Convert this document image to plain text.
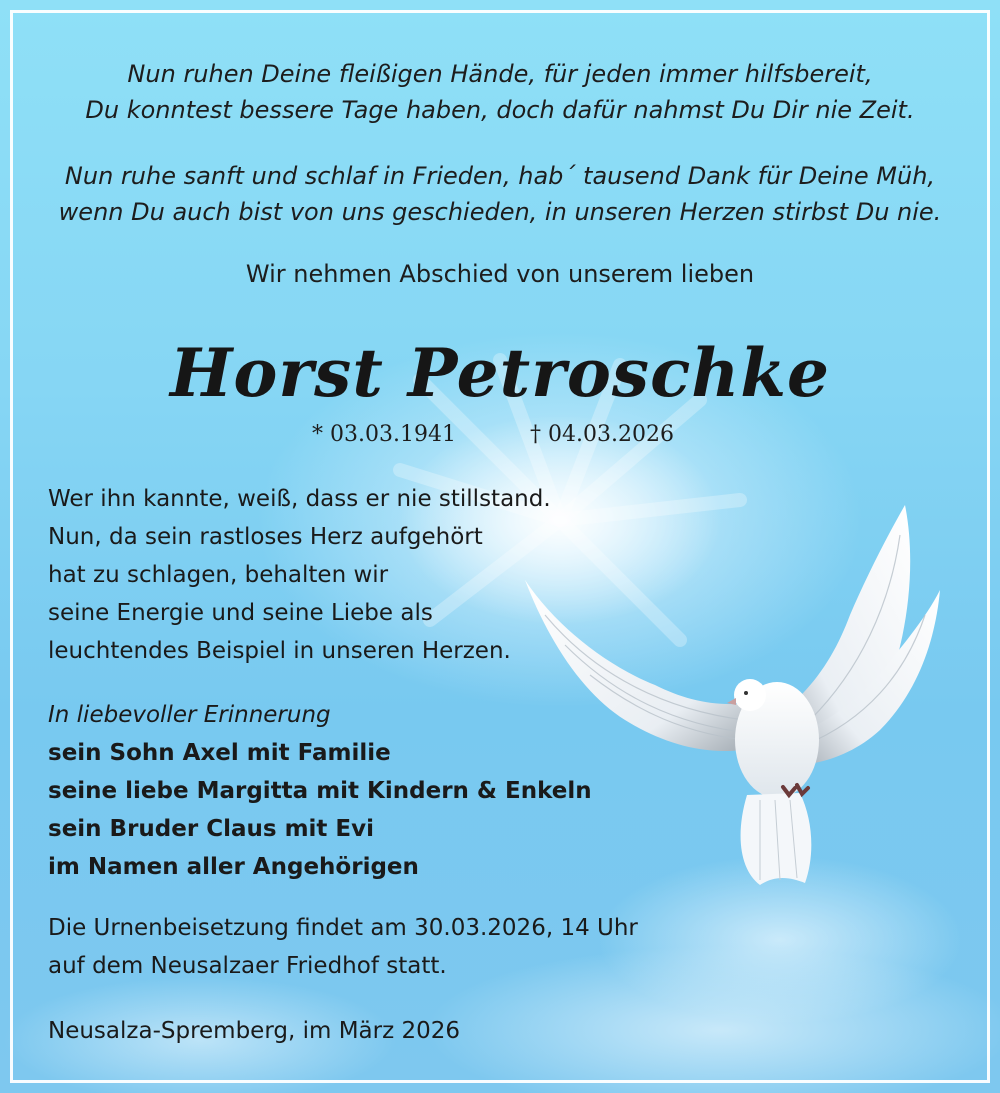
Nun ruhen Deine fleißigen Hände, für jeden immer hilfsbereit,
Du konntest bessere Tage haben, doch dafür nahmst Du Dir nie Zeit.
Nun ruhe sanft und schlaf in Frieden, hab´ tausend Dank für Deine Müh,
wenn Du auch bist von uns geschieden, in unseren Herzen stirbst Du nie.
Wir nehmen Abschied von unserem lieben
Horst Petroschke
* 03.03.1941	† 04.03.2026
Wer ihn kannte, weiß, dass er nie stillstand.
Nun, da sein rastloses Herz aufgehört
hat zu schlagen, behalten wir
seine Energie und seine Liebe als
leuchtendes Beispiel in unseren Herzen.
In liebevoller Erinnerung
sein Sohn Axel mit Familie
seine liebe Margitta mit Kindern & Enkeln
sein Bruder Claus mit Evi
im Namen aller Angehörigen
Die Urnenbeisetzung findet am 30.03.2026, 14 Uhr
auf dem Neusalzaer Friedhof statt.
Neusalza-Spremberg, im März 2026
